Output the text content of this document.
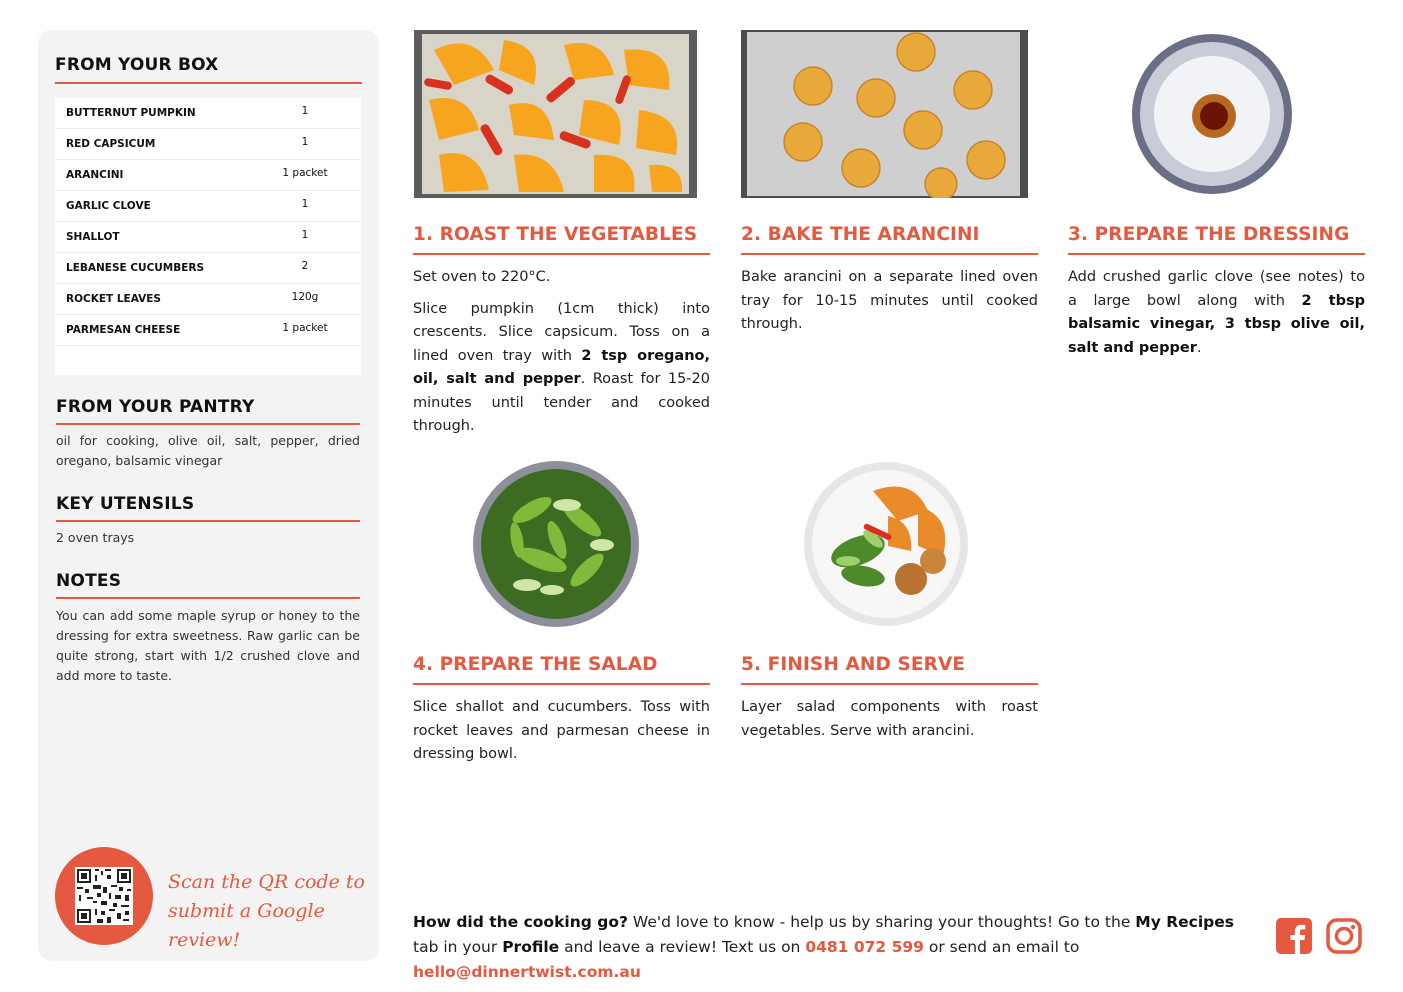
FROM YOUR BOX
BUTTERNUT PUMPKIN	1
RED CAPSICUM	1
ARANCINI	1 packet
GARLIC CLOVE	1
SHALLOT	1
LEBANESE CUCUMBERS	2
ROCKET LEAVES	120g
PARMESAN CHEESE	1 packet
FROM YOUR PANTRY
oil for cooking, olive oil, salt, pepper, dried oregano, balsamic vinegar
KEY UTENSILS
2 oven trays
NOTES
You can add some maple syrup or honey to the dressing for extra sweetness. Raw garlic can be quite strong, start with 1/2 crushed clove and add more to taste.
Scan the QR code to
submit a Google review!
1. ROAST THE VEGETABLES

Set oven to 220°C.

Slice pumpkin (1cm thick) into crescents. Slice capsicum. Toss on a lined oven tray with 2 tsp oregano, oil, salt and pepper. Roast for 15-20 minutes until tender and cooked through.

2. BAKE THE ARANCINI

Bake arancini on a separate lined oven tray for 10-15 minutes until cooked through.

3. PREPARE THE DRESSING

Add crushed garlic clove (see notes) to a large bowl along with 2 tbsp balsamic vinegar, 3 tbsp olive oil, salt and pepper.

4. PREPARE THE SALAD

Slice shallot and cucumbers. Toss with rocket leaves and parmesan cheese in dressing bowl.

5. FINISH AND SERVE

Layer salad components with roast vegetables. Serve with arancini.

How did the cooking go? We'd love to know - help us by sharing your thoughts! Go to the My Recipes tab in your Profile and leave a review! Text us on 0481 072 599 or send an email to hello@dinnertwist.com.au
